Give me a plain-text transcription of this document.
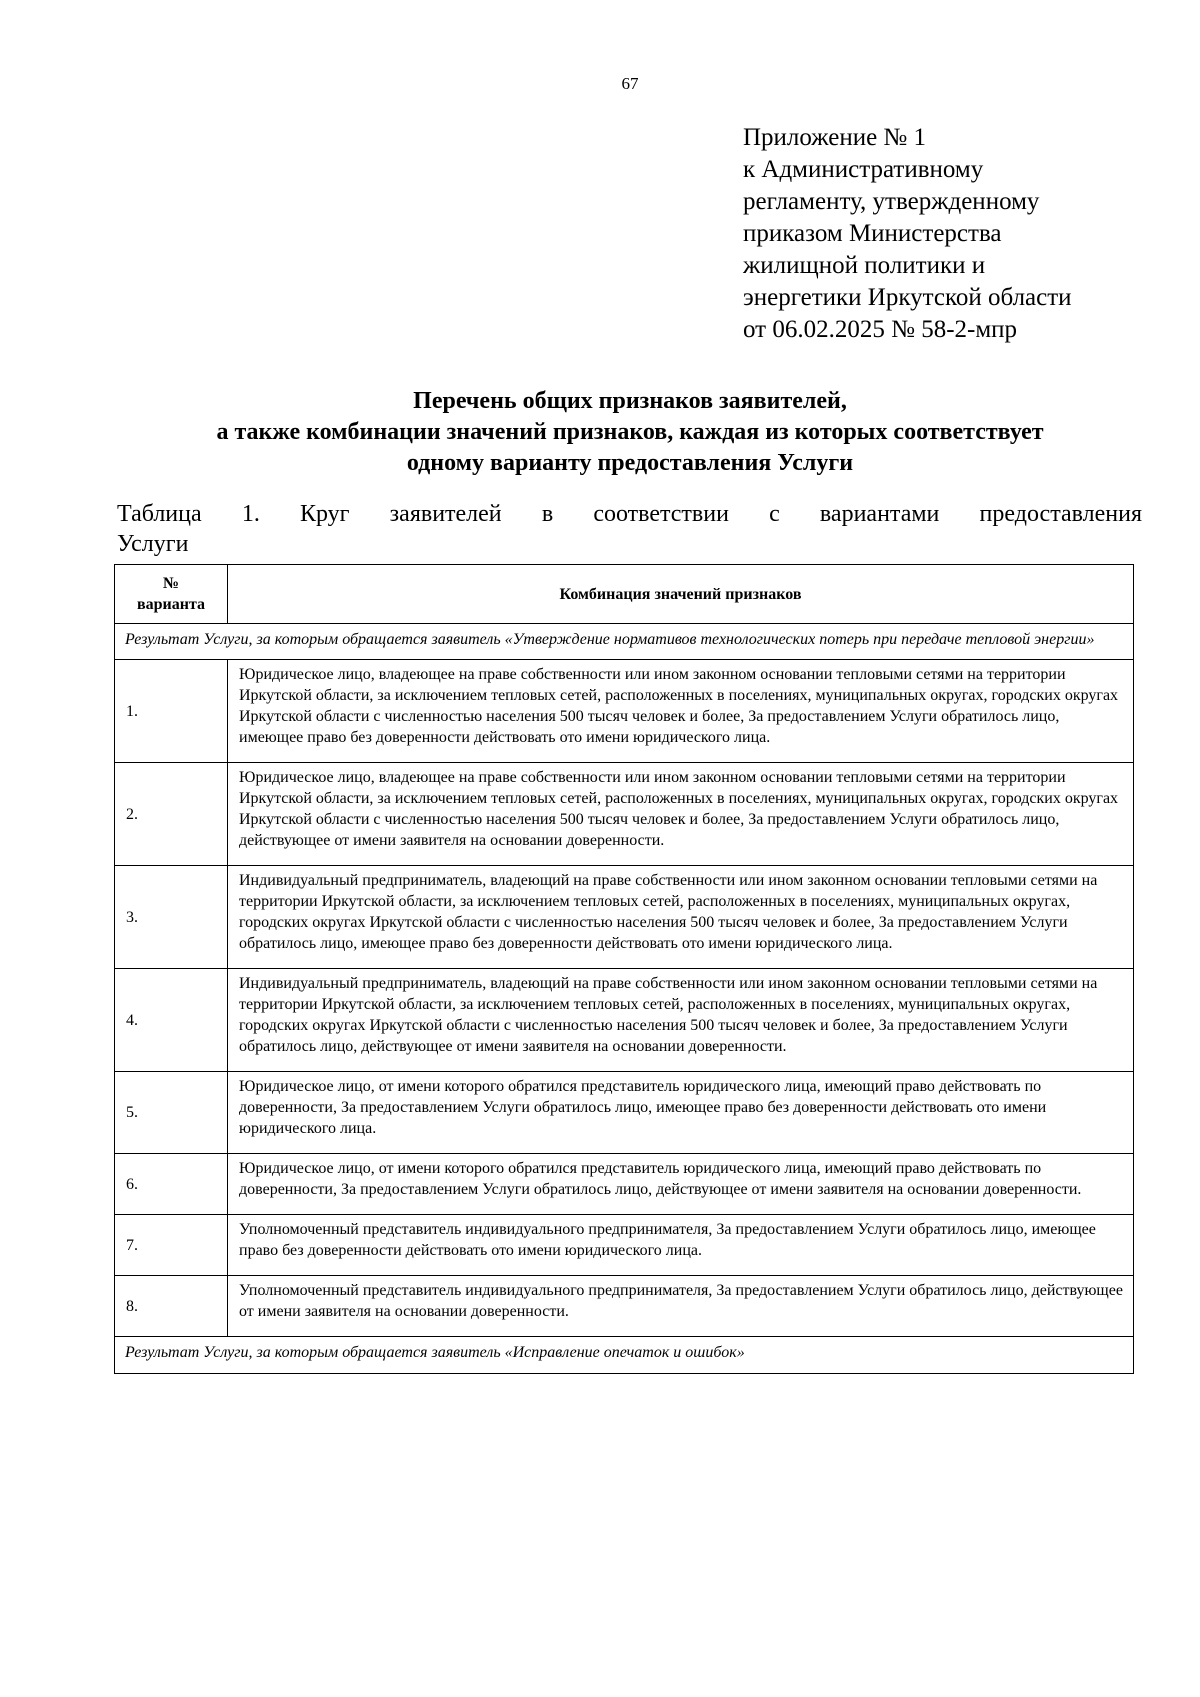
67
Приложение № 1
к Административному
регламенту, утвержденному
приказом Министерства
жилищной политики и
энергетики Иркутской области
от 06.02.2025 № 58-2-мпр
Перечень общих признаков заявителей,
а также комбинации значений признаков, каждая из которых соответствует
одному варианту предоставления Услуги
Таблица 1. Круг заявителей в соответствии с вариантами предоставления
Услуги
№
варианта	Комбинация значений признаков
Результат Услуги, за которым обращается заявитель «Утверждение нормативов технологических потерь при передаче тепловой энергии»	
1.	Юридическое лицо, владеющее на праве собственности или ином законном основании тепловыми сетями на территории Иркутской области, за исключением тепловых сетей, расположенных в поселениях, муниципальных округах, городских округах Иркутской области с численностью населения 500 тысяч человек и более, За предоставлением Услуги обратилось лицо, имеющее право без доверенности действовать ото имени юридического лица.
2.	Юридическое лицо, владеющее на праве собственности или ином законном основании тепловыми сетями на территории Иркутской области, за исключением тепловых сетей, расположенных в поселениях, муниципальных округах, городских округах Иркутской области с численностью населения 500 тысяч человек и более, За предоставлением Услуги обратилось лицо, действующее от имени заявителя на основании доверенности.
3.	Индивидуальный предприниматель, владеющий на праве собственности или ином законном основании тепловыми сетями на территории Иркутской области, за исключением тепловых сетей, расположенных в поселениях, муниципальных округах, городских округах Иркутской области с численностью населения 500 тысяч человек и более, За предоставлением Услуги обратилось лицо, имеющее право без доверенности действовать ото имени юридического лица.
4.	Индивидуальный предприниматель, владеющий на праве собственности или ином законном основании тепловыми сетями на территории Иркутской области, за исключением тепловых сетей, расположенных в поселениях, муниципальных округах, городских округах Иркутской области с численностью населения 500 тысяч человек и более, За предоставлением Услуги обратилось лицо, действующее от имени заявителя на основании доверенности.
5.	Юридическое лицо, от имени которого обратился представитель юридического лица, имеющий право действовать по доверенности, За предоставлением Услуги обратилось лицо, имеющее право без доверенности действовать ото имени юридического лица.
6.	Юридическое лицо, от имени которого обратился представитель юридического лица, имеющий право действовать по доверенности, За предоставлением Услуги обратилось лицо, действующее от имени заявителя на основании доверенности.
7.	Уполномоченный представитель индивидуального предпринимателя, За предоставлением Услуги обратилось лицо, имеющее право без доверенности действовать ото имени юридического лица.
8.	Уполномоченный представитель индивидуального предпринимателя, За предоставлением Услуги обратилось лицо, действующее от имени заявителя на основании доверенности.
Результат Услуги, за которым обращается заявитель «Исправление опечаток и ошибок»	
